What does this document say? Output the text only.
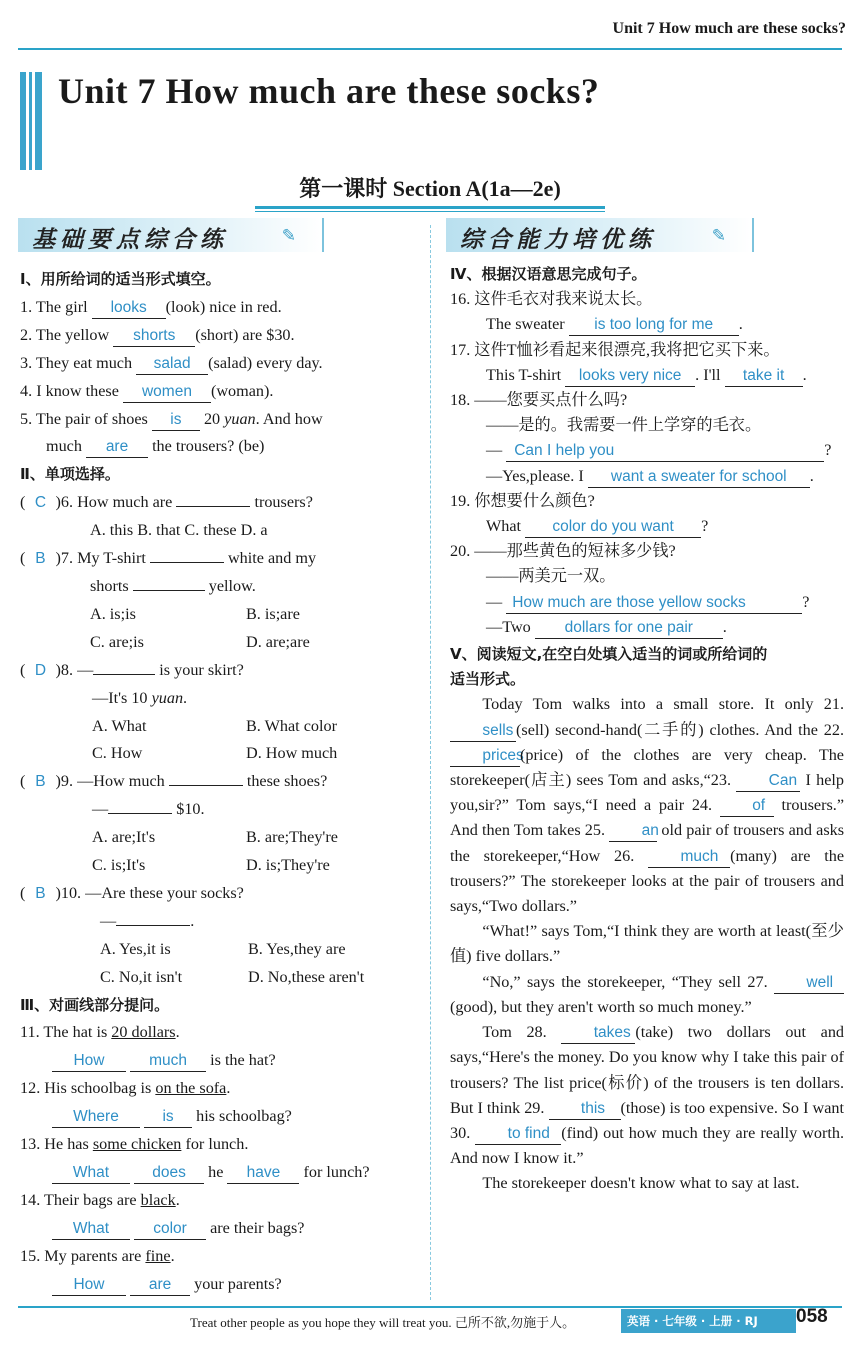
Unit 7 How much are these socks?
Unit 7 How much are these socks?
第一课时 Section A(1a—2e)
基础要点综合练	✎	综合能力培优练	✎

Ⅰ、用所给词的适当形式填空。

1. The girl looks (look) nice in red.

2. The yellow shorts (short) are $30.

3. They eat much salad (salad) every day.

4. I know these women (woman).

5. The pair of shoes is 20 yuan. And how

much are the trousers? (be)

Ⅱ、单项选择。

( C )6. How much are	trousers?

A. this B. that C. these D. a

( B )7. My T-shirt	white and my

shorts	yellow.

A. is;is	B. is;are

C. are;is	D. are;are

( D )8. —	is your skirt?

—It's 10 yuan.

A. What	B. What color

C. How	D. How much

( B )9. —How much	these shoes?

—	$10.

A. are;It's	B. are;They're

C. is;It's	D. is;They're

( B )10. —Are these your socks?

—	.

A. Yes,it is	B. Yes,they are

C. No,it isn't	D. No,these aren't

Ⅲ、对画线部分提问。

11. The hat is 20 dollars.

How	much is the hat?

12. His schoolbag is on the sofa.

Where	is his schoolbag?

13. He has some chicken for lunch.

What	does he have for lunch?

14. Their bags are black.

What	color are their bags?

15. My parents are fine.

How	are your parents?

Ⅳ、根据汉语意思完成句子。

16. 这件毛衣对我来说太长。

The sweater is too long for me .

17. 这件T恤衫看起来很漂亮,我将把它买下来。

This T-shirt looks very nice . I'll take it .

18. ——您要买点什么吗?

——是的。我需要一件上学穿的毛衣。

— Can I help you	?

—Yes,please. I want a sweater for school .

19. 你想要什么颜色?

What color do you want ?

20. ——那些黄色的短袜多少钱?

——两美元一双。

— How much are those yellow socks	?

—Two dollars for one pair .

Ⅴ、阅读短文,在空白处填入适当的词或所给词的

适当形式。

Today Tom walks into a small store. It only 21. sells (sell) second-hand(二手的) clothes. And the 22. prices(price) of the clothes are very cheap. The storekeeper(店主) sees Tom and asks,“23. Can I help you,sir?” Tom says,“I need a pair 24.	of trousers.” And then Tom takes 25. an old pair of trousers and asks the storekeeper,“How 26.	much (many) are the trousers?” The storekeeper looks at the pair of trousers and says,“Two dollars.”

“What!” says Tom,“I think they are worth at least(至少值) five dollars.”

“No,” says the storekeeper, “They sell 27.	well(good), but they aren't worth so much money.”

Tom 28.	takes (take) two dollars out and says,“Here's the money. Do you know why I take this pair of trousers? The list price(标价) of the trousers is ten dollars. But I think 29. this (those) is too expensive. So I want 30. to find (find) out how much they are really worth. And now I know it.”

The storekeeper doesn't know what to say at last.

Treat other people as you hope they will treat you. 己所不欲,勿施于人。	英语 · 七年级 · 上册 · RJ	058
